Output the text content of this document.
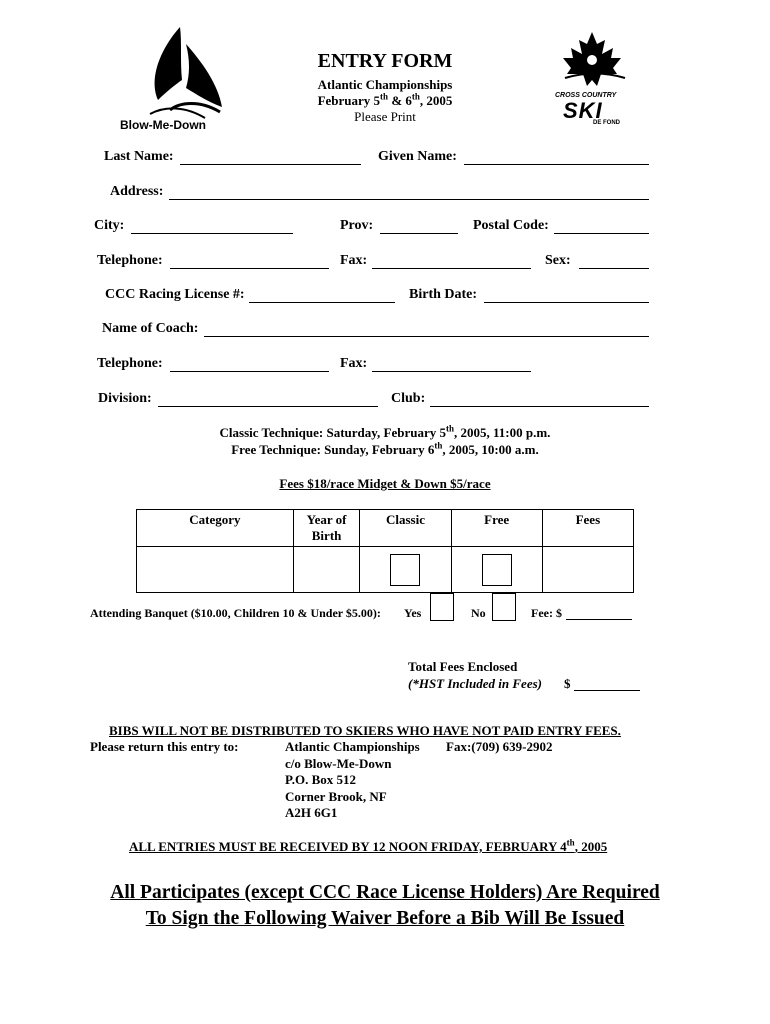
Blow-Me-Down
ENTRY FORM
Atlantic Championships
February 5th & 6th, 2005
Please Print
CROSS COUNTRY
SKI
DE FOND
Last Name:	Given Name:
Address:
City:	Prov:	Postal Code:
Telephone:	Fax:	Sex:
CCC Racing License #:	Birth Date:
Name of Coach:
Telephone:	Fax:
Division:	Club:
Classic Technique: Saturday, February 5th, 2005, 11:00 p.m.
Free Technique: Sunday, February 6th, 2005, 10:00 a.m.
Fees $18/race Midget & Down $5/race
Category	Year of Birth	Classic	Free	Fees

Attending Banquet ($10.00, Children 10 & Under $5.00): Yes	No	Fee: $
Total Fees Enclosed
(*HST Included in Fees) $
BIBS WILL NOT BE DISTRIBUTED TO SKIERS WHO HAVE NOT PAID ENTRY FEES.
Please return this entry to:	Atlantic Championships
c/o Blow-Me-Down
P.O. Box 512
Corner Brook, NF
A2H 6G1
Fax:(709) 639-2902
ALL ENTRIES MUST BE RECEIVED BY 12 NOON FRIDAY, FEBRUARY 4th, 2005
All Participates (except CCC Race License Holders) Are Required
To Sign the Following Waiver Before a Bib Will Be Issued
